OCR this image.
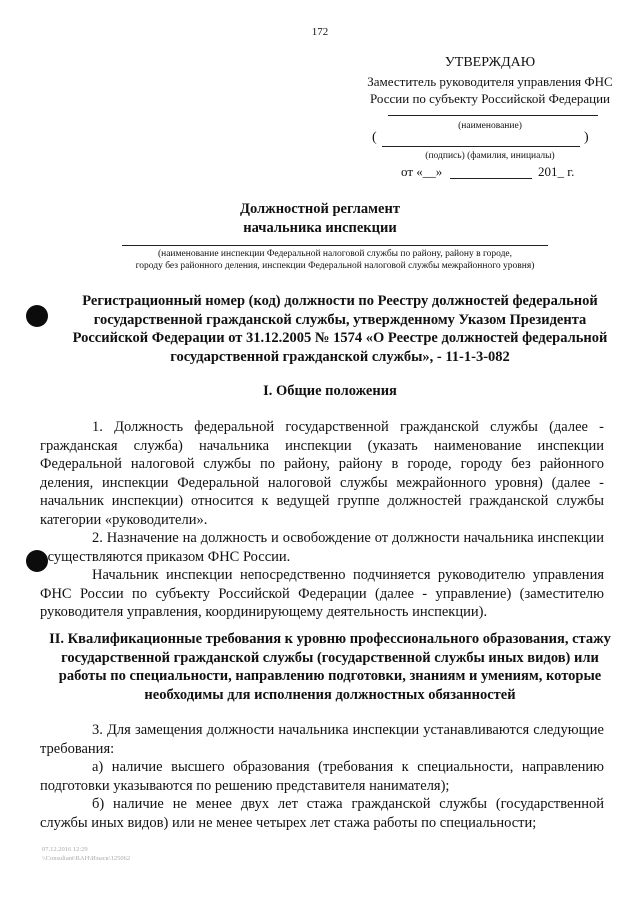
172
УТВЕРЖДАЮ
Заместитель руководителя управления ФНС
России по субъекту Российской Федерации
(наименование)
(	)
(подпись) (фамилия, инициалы)
от «__»	201_ г.
Должностной регламент
начальника инспекции
(наименование инспекции Федеральной налоговой службы по району, району в городе,
городу без районного деления, инспекции Федеральной налоговой службы межрайонного уровня)
Регистрационный номер (код) должности по Реестру должностей федеральной государственной гражданской службы, утвержденному Указом Президента Российской Федерации от 31.12.2005 № 1574 «О Реестре должностей федеральной государственной гражданской службы», - 11-1-3-082
I. Общие положения

1. Должность федеральной государственной гражданской службы (далее - гражданская служба) начальника инспекции (указать наименование инспекции Федеральной налоговой службы по району, району в городе, городу без районного деления, инспекции Федеральной налоговой службы межрайонного уровня) (далее - начальник инспекции) относится к ведущей группе должностей гражданской службы категории «руководители».

2. Назначение на должность и освобождение от должности начальника инспекции осуществляются приказом ФНС России.

Начальник инспекции непосредственно подчиняется руководителю управления ФНС России по субъекту Российской Федерации (далее - управление) (заместителю руководителя управления, координирующему деятельность инспекции).

II. Квалификационные требования к уровню профессионального образования, стажу государственной гражданской службы (государственной службы иных видов) или работы по специальности, направлению подготовки, знаниям и умениям, которые необходимы для исполнения должностных обязанностей

3. Для замещения должности начальника инспекции устанавливаются следующие требования:

а) наличие высшего образования (требования к специальности, направлению подготовки указываются по решению представителя нанимателя);

б) наличие не менее двух лет стажа гражданской службы (государственной службы иных видов) или не менее четырех лет стажа работы по специальности;

07.12.2016 12:29
\\Consultant\RAH\Изыск\125062
